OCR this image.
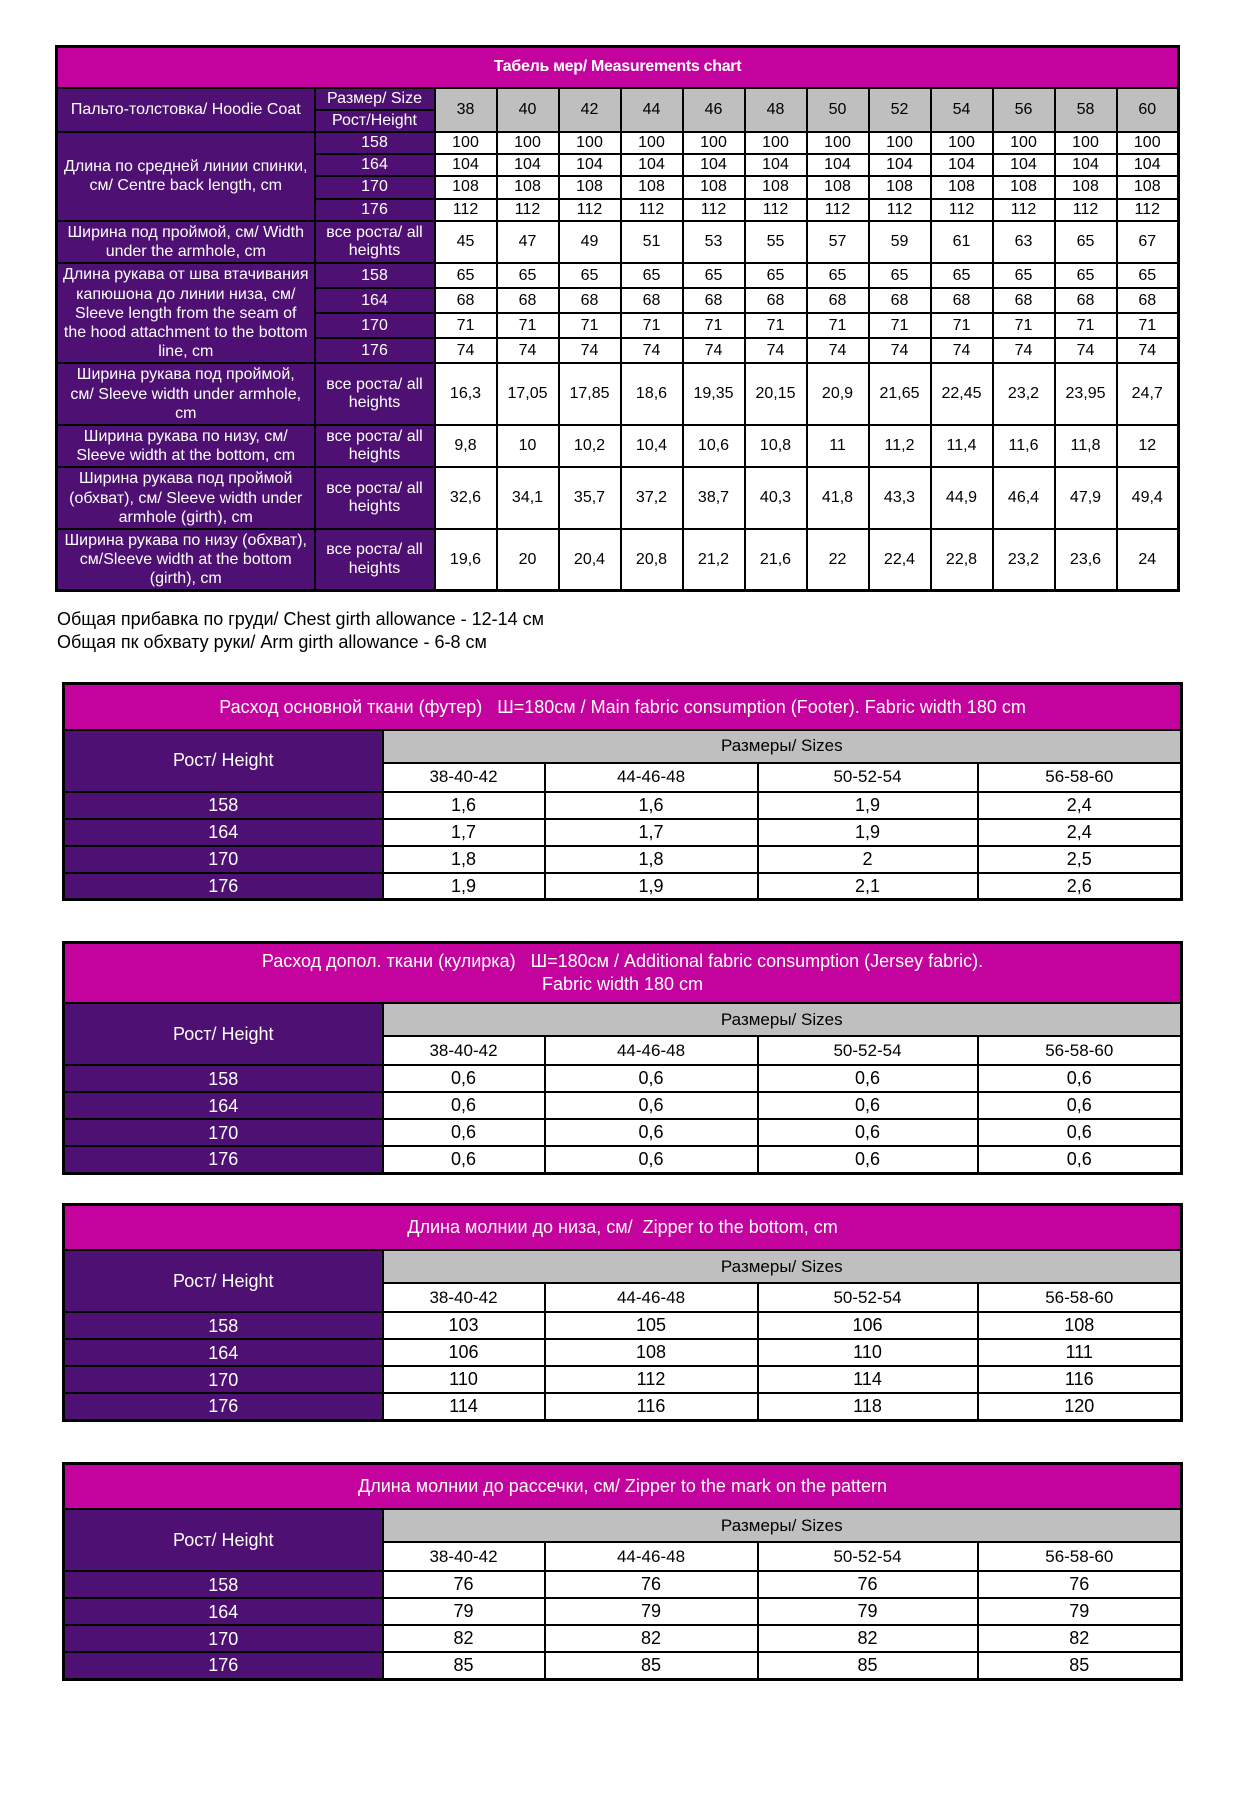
Табель мер/ Measurements chart													
Пальто-толстовка/ Hoodie Coat	Размер/ Size	38	40	42	44	46	48	50	52	54	56	58	60
	Рост/Height												
Длина по средней линии спинки, см/ Centre back length, cm	158	100	100	100	100	100	100	100	100	100	100	100	100
	164	104	104	104	104	104	104	104	104	104	104	104	104
	170	108	108	108	108	108	108	108	108	108	108	108	108
	176	112	112	112	112	112	112	112	112	112	112	112	112
Ширина под проймой, см/ Width under the armhole, cm	все роста/ all heights	45	47	49	51	53	55	57	59	61	63	65	67
Длина рукава от шва втачивания капюшона до линии низа, см/ Sleeve length from the seam of the hood attachment to the bottom line, cm	158	65	65	65	65	65	65	65	65	65	65	65	65
	164	68	68	68	68	68	68	68	68	68	68	68	68
	170	71	71	71	71	71	71	71	71	71	71	71	71
	176	74	74	74	74	74	74	74	74	74	74	74	74
Ширина рукава под проймой, см/ Sleeve width under armhole, cm	все роста/ all heights	16,3	17,05	17,85	18,6	19,35	20,15	20,9	21,65	22,45	23,2	23,95	24,7
Ширина рукава по низу, см/ Sleeve width at the bottom, cm	все роста/ all heights	9,8	10	10,2	10,4	10,6	10,8	11	11,2	11,4	11,6	11,8	12
Ширина рукава под проймой (обхват), см/ Sleeve width under armhole (girth), cm	все роста/ all heights	32,6	34,1	35,7	37,2	38,7	40,3	41,8	43,3	44,9	46,4	47,9	49,4
Ширина рукава по низу (обхват), см/Sleeve width at the bottom (girth), cm	все роста/ all heights	19,6	20	20,4	20,8	21,2	21,6	22	22,4	22,8	23,2	23,6	24

Общая прибавка по груди/ Chest girth allowance - 12-14 см

Общая пк обхвату руки/ Arm girth allowance - 6-8 см

Расход основной ткани (футер)   Ш=180см / Main fabric consumption (Footer). Fabric width 180 cm				

Рост/ Height	Размеры/ Sizes			
	38-40-42	44-46-48	50-52-54	56-58-60
158	1,6	1,6	1,9	2,4
164	1,7	1,7	1,9	2,4
170	1,8	1,8	2	2,5
176	1,9	1,9	2,1	2,6
Расход допол. ткани (кулирка)   Ш=180см / Additional fabric consumption (Jersey fabric).
Fabric width 180 cm				

Рост/ Height	Размеры/ Sizes			
	38-40-42	44-46-48	50-52-54	56-58-60
158	0,6	0,6	0,6	0,6
164	0,6	0,6	0,6	0,6
170	0,6	0,6	0,6	0,6
176	0,6	0,6	0,6	0,6
Длина молнии до низа, см/  Zipper to the bottom, cm				

Рост/ Height	Размеры/ Sizes			
	38-40-42	44-46-48	50-52-54	56-58-60
158	103	105	106	108
164	106	108	110	111
170	110	112	114	116
176	114	116	118	120
Длина молнии до рассечки, см/ Zipper to the mark on the pattern				

Рост/ Height	Размеры/ Sizes			
	38-40-42	44-46-48	50-52-54	56-58-60
158	76	76	76	76
164	79	79	79	79
170	82	82	82	82
176	85	85	85	85
